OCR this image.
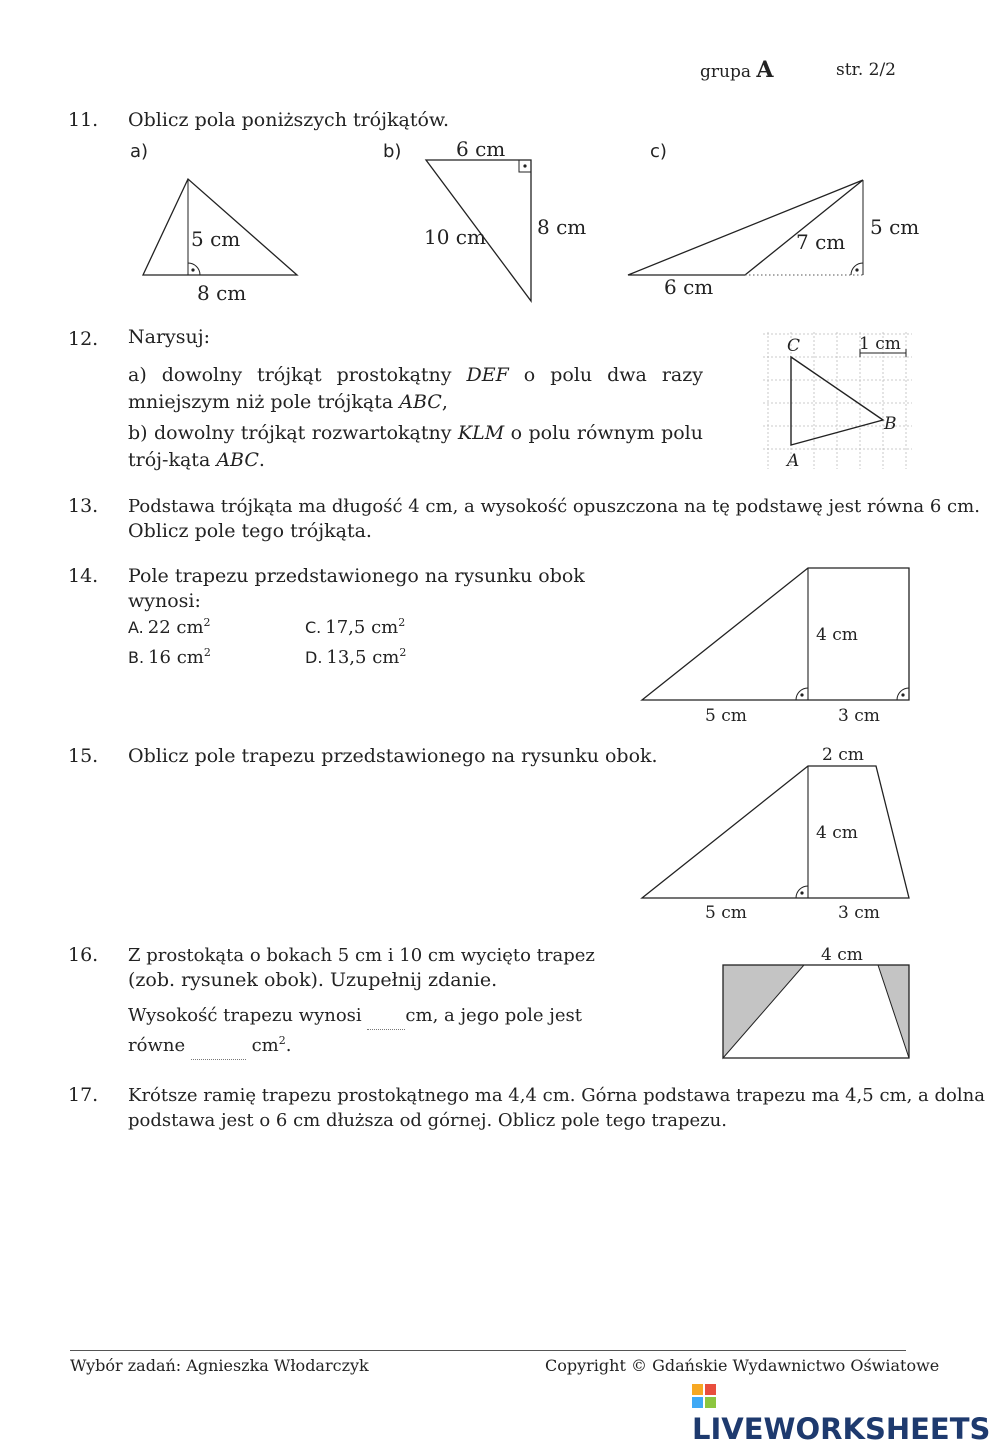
grupa A	str. 2/2
11. Oblicz pola poniższych trójkątów.
a)	b)	c)
5 cm
8 cm
6 cm
10 cm	8 cm
7 cm
5 cm
6 cm
12. Narysuj:
a) dowolny trójkąt prostokątny DEF o polu dwa razy mniejszym niż pole trójkąta ABC,
b) dowolny trójkąt rozwartokątny KLM o polu równym polu trój-kąta ABC.
C
B
A
1 cm
13. Podstawa trójkąta ma długość 4 cm, a wysokość opuszczona na tę podstawę jest równa 6 cm.
Oblicz pole tego trójkąta.
14. Pole trapezu przedstawionego na rysunku obok
wynosi:
A. 22 $cm^2$	C. 17,5 $cm^2$
B. 16 $cm^2$	D. 13,5 $cm^2$
4 cm
5 cm	3 cm
15. Oblicz pole trapezu przedstawionego na rysunku obok.	2 cm
4 cm
5 cm	3 cm
16. Z prostokąta o bokach 5 cm i 10 cm wycięto trapez
(zob. rysunek obok). Uzupełnij zdanie.
Wysokość trapezu wynosi cm, a jego pole jest
równe	$cm^2$.
4 cm
17. Krótsze ramię trapezu prostokątnego ma 4,4 cm. Górna podstawa trapezu ma 4,5 cm, a dolna
podstawa jest o 6 cm dłuższa od górnej. Oblicz pole tego trapezu.
Wybór zadań: Agnieszka Włodarczyk	Copyright © Gdańskie Wydawnictwo Oświatowe
LIVEWORKSHEETS
